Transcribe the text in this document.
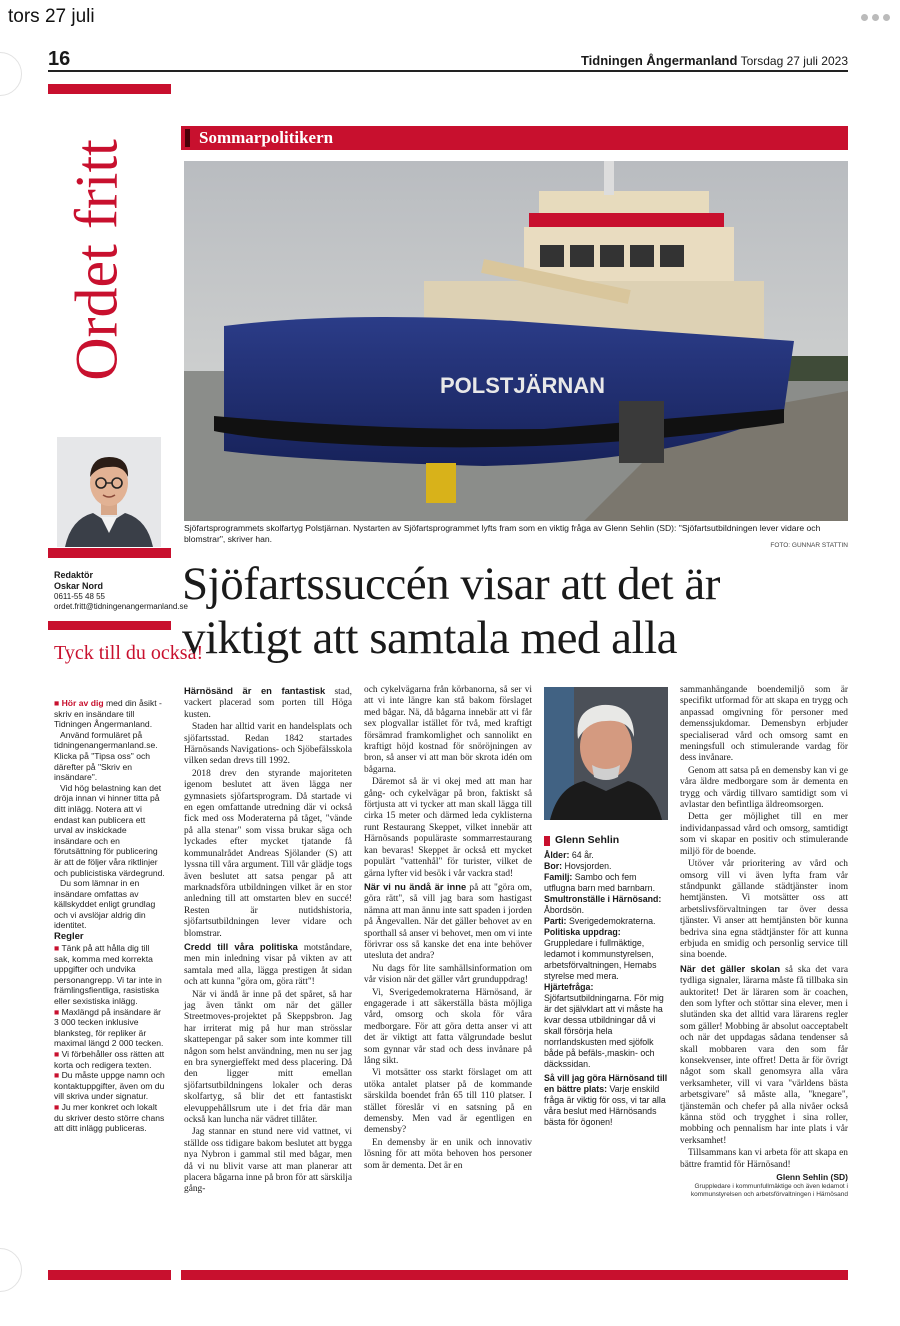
tors 27 juli
16	Tidningen Ångermanland Torsdag 27 juli 2023
Ordet fritt
Redaktör
Oskar Nord
0611-55 48 55
ordet.fritt@tidningenangermanland.se
Tyck till du också!

■ Hör av dig med din åsikt - skriv en insändare till Tidningen Ångermanland.

Använd formuläret på tidningenangermanland.se. Klicka på "Tipsa oss" och därefter på "Skriv en insändare".

Vid hög belastning kan det dröja innan vi hinner titta på ditt inlägg. Notera att vi endast kan publicera ett urval av inskickade insändare och en förutsättning för publicering är att de följer våra riktlinjer och publicistiska värdegrund.

Du som lämnar in en insändare omfattas av källskyddet enligt grundlag och vi avslöjar aldrig din identitet.

Regler

■ Tänk på att hålla dig till sak, komma med korrekta uppgifter och undvika personangrepp. Vi tar inte in främlingsfientliga, rasistiska eller sexistiska inlägg.

■ Maxlängd på insändare är 3 000 tecken inklusive blanksteg, för repliker är maximal längd 2 000 tecken.

■ Vi förbehåller oss rätten att korta och redigera texten.

■ Du måste uppge namn och kontaktuppgifter, även om du vill skriva under signatur.

■ Ju mer konkret och lokalt du skriver desto större chans att ditt inlägg publiceras.

Sommarpolitikern
POLSTJÄRNAN
Sjöfartsprogrammets skolfartyg Polstjärnan. Nystarten av Sjöfartsprogrammet lyfts fram som en viktig fråga av Glenn Sehlin (SD): "Sjöfartsutbildningen lever vidare och blomstrar", skriver han.
FOTO: GUNNAR STATTIN
Sjöfartssuccén visar att det är viktigt att samtala med alla

Härnösänd är en fantastisk stad, vackert placerad som porten till Höga kusten.

Staden har alltid varit en handelsplats och sjöfartsstad. Redan 1842 startades Härnösands Navigations- och Sjöbefälsskola vilken sedan drevs till 1992.

2018 drev den styrande majoriteten igenom beslutet att även lägga ner gymnasiets sjöfartsprogram. Då startade vi en egen omfattande utredning där vi också fick med oss Moderaterna på tåget, "vände på alla stenar" som vissa brukar säga och lyckades efter mycket tjatande få kommunalrådet Andreas Sjölander (S) att lyssna till våra argument. Till vår glädje togs även beslutet att satsa pengar på att marknadsföra utbildningen vilket är en stor anledning till att omstarten blev en succé! Resten är nutidshistoria, sjöfartsutbildningen lever vidare och blomstrar.

Credd till våra politiska motståndare, men min inledning visar på vikten av att samtala med alla, lägga prestigen åt sidan och att kunna "göra om, göra rätt"!

När vi ändå är inne på det spåret, så har jag även tänkt om när det gäller Streetmoves-projektet på Skeppsbron. Jag har irriterat mig på hur man strösslar skattepengar på saker som inte kommer till någon som helst användning, men nu ser jag en bra synergieffekt med dess placering. Då den ligger mitt emellan sjöfartsutbildningens lokaler och deras skolfartyg, så blir det ett fantastiskt elevuppehållsrum ute i det fria där man också kan luncha när vädret tillåter.

Jag stannar en stund nere vid vattnet, vi ställde oss tidigare bakom beslutet att bygga nya Nybron i gammal stil med bågar, men då vi nu blivit varse att man planerar att placera bågarna inne på bron för att särskilja gång-

och cykelvägarna från körbanorna, så ser vi att vi inte längre kan stå bakom förslaget med bågar. Nä, då bågarna innebär att vi får sex plogvallar istället för två, med kraftigt försämrad framkomlighet och sannolikt en kraftigt höjd kostnad för snöröjningen av bron, så anser vi att man bör skrota idén om bågarna.

Däremot så är vi okej med att man har gång- och cykelvägar på bron, faktiskt så förtjusta att vi tycker att man skall lägga till cirka 15 meter och därmed leda cyklisterna runt Restaurang Skeppet, vilket innebär att Härnösands populäraste sommarrestaurang kan bevaras! Skeppet är också ett mycket populärt "vattenhål" för turister, vilket de gärna lyfter vid besök i vår vackra stad!

När vi nu ändå är inne på att "göra om, göra rätt", så vill jag bara som hastigast nämna att man ännu inte satt spaden i jorden på Ängevallen. När det gäller behovet av en sporthall så anser vi behovet, men om vi inte förivrar oss så kanske det ena inte behöver utesluta det andra?

Nu dags för lite samhällsinformation om vår vision när det gäller vårt grunduppdrag!

Vi, Sverigedemokraterna Härnösand, är engagerade i att säkerställa bästa möjliga vård, omsorg och skola för våra medborgare. För att göra detta anser vi att det är viktigt att fatta välgrundade beslut som gynnar vår stad och dess invånare på lång sikt.

Vi motsätter oss starkt förslaget om att utöka antalet platser på de kommande särskilda boendet från 65 till 110 platser. I stället föreslår vi en satsning på en demensby. Men vad är egentligen en demensby?

En demensby är en unik och innovativ lösning för att möta behoven hos personer som är dementa. Det är en

Glenn Sehlin

Ålder: 64 år.

Bor: Hovsjorden.

Familj: Sambo och fem utflugna barn med barnbarn.

Smultronställe i Härnösand: Åbordsön.

Parti: Sverigedemokraterna.

Politiska uppdrag: Gruppledare i fullmäktige, ledamot i kommunstyrelsen, arbetsförvaltningen, Hemabs styrelse med mera.

Hjärtefråga: Sjöfartsutbildningarna. För mig är det självklart att vi måste ha kvar dessa utbildningar då vi skall försörja hela norrlandskusten med sjöfolk både på befäls-,maskin- och däckssidan.

Så vill jag göra Härnösand till en bättre plats: Varje enskild fråga är viktig för oss, vi tar alla våra beslut med Härnösands bästa för ögonen!

sammanhängande boendemiljö som är specifikt utformad för att skapa en trygg och anpassad omgivning för personer med demenssjukdomar. Demensbyn erbjuder specialiserad vård och omsorg samt en meningsfull och stimulerande vardag för dess invånare.

Genom att satsa på en demensby kan vi ge våra äldre medborgare som är dementa en trygg och värdig tillvaro samtidigt som vi avlastar den befintliga äldreomsorgen.

Detta ger möjlighet till en mer individanpassad vård och omsorg, samtidigt som vi skapar en positiv och stimulerande miljö för de boende.

Utöver vår prioritering av vård och omsorg vill vi även lyfta fram vår ståndpunkt gällande städtjänster inom hemtjänsten. Vi motsätter oss att arbetslivsförvaltningen tar över dessa tjänster. Vi anser att hemtjänsten bör kunna bedriva sina egna städtjänster för att kunna erbjuda en smidig och personlig service till sina boende.

När det gäller skolan så ska det vara tydliga signaler, lärarna måste få tillbaka sin auktoritet! Det är läraren som är coachen, den som lyfter och stöttar sina elever, men i slutänden ska det alltid vara lärarens regler som gäller! Mobbing är absolut oacceptabelt och när det uppdagas sådana tendenser så skall mobbaren vara den som får konsekvenser, inte offret! Detta är för övrigt något som skall genomsyra alla våra verksamheter, vill vi vara "världens bästa arbetsgivare" så måste alla, "knegare", tjänstemän och chefer på alla nivåer också känna stöd och trygghet i sina roller, mobbing och pennalism har inte plats i vår verksamhet!

Tillsammans kan vi arbeta för att skapa en bättre framtid för Härnösand!

Glenn Sehlin (SD)
Gruppledare i kommunfullmäktige och även ledamot i kommunstyrelsen och arbetsförvaltningen i Härnösand
